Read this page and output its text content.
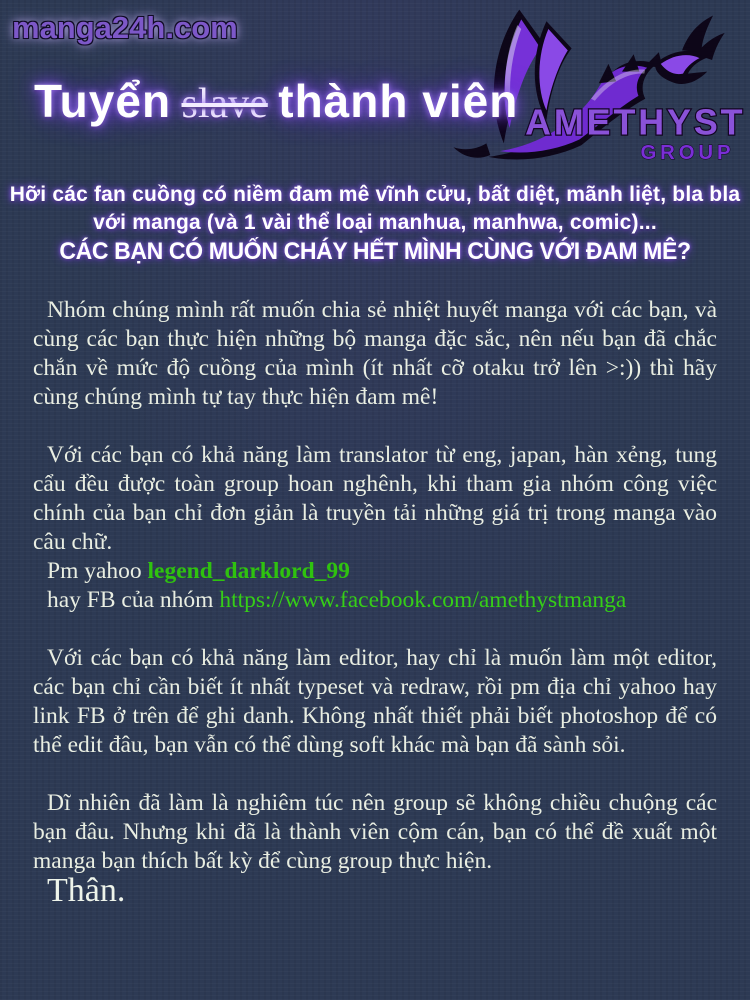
manga24h.com
AMETHYST
GROUP
Tuyển slave thành viên
Hỡi các fan cuồng có niềm đam mê vĩnh cửu, bất diệt, mãnh liệt, bla bla
với manga (và 1 vài thể loại manhua, manhwa, comic)...
CÁC BẠN CÓ MUỐN CHÁY HẾT MÌNH CÙNG VỚI ĐAM MÊ?

Nhóm chúng mình rất muốn chia sẻ nhiệt huyết manga với các bạn, và cùng các bạn thực hiện những bộ manga đặc sắc, nên nếu bạn đã chắc chắn về mức độ cuồng của mình (ít nhất cỡ otaku trở lên >:)) thì hãy cùng chúng mình tự tay thực hiện đam mê!

Với các bạn có khả năng làm translator từ eng, japan, hàn xẻng, tung cẩu đều được toàn group hoan nghênh, khi tham gia nhóm công việc chính của bạn chỉ đơn giản là truyền tải những giá trị trong manga vào câu chữ.

Pm yahoo legend_darklord_99
hay FB của nhóm https://www.facebook.com/amethystmanga

Với các bạn có khả năng làm editor, hay chỉ là muốn làm một editor, các bạn chỉ cần biết ít nhất typeset và redraw, rồi pm địa chỉ yahoo hay link FB ở trên để ghi danh. Không nhất thiết phải biết photoshop để có thể edit đâu, bạn vẫn có thể dùng soft khác mà bạn đã sành sỏi.

Dĩ nhiên đã làm là nghiêm túc nên group sẽ không chiều chuộng các bạn đâu. Nhưng khi đã là thành viên cộm cán, bạn có thể đề xuất một manga bạn thích bất kỳ để cùng group thực hiện.

Thân.
